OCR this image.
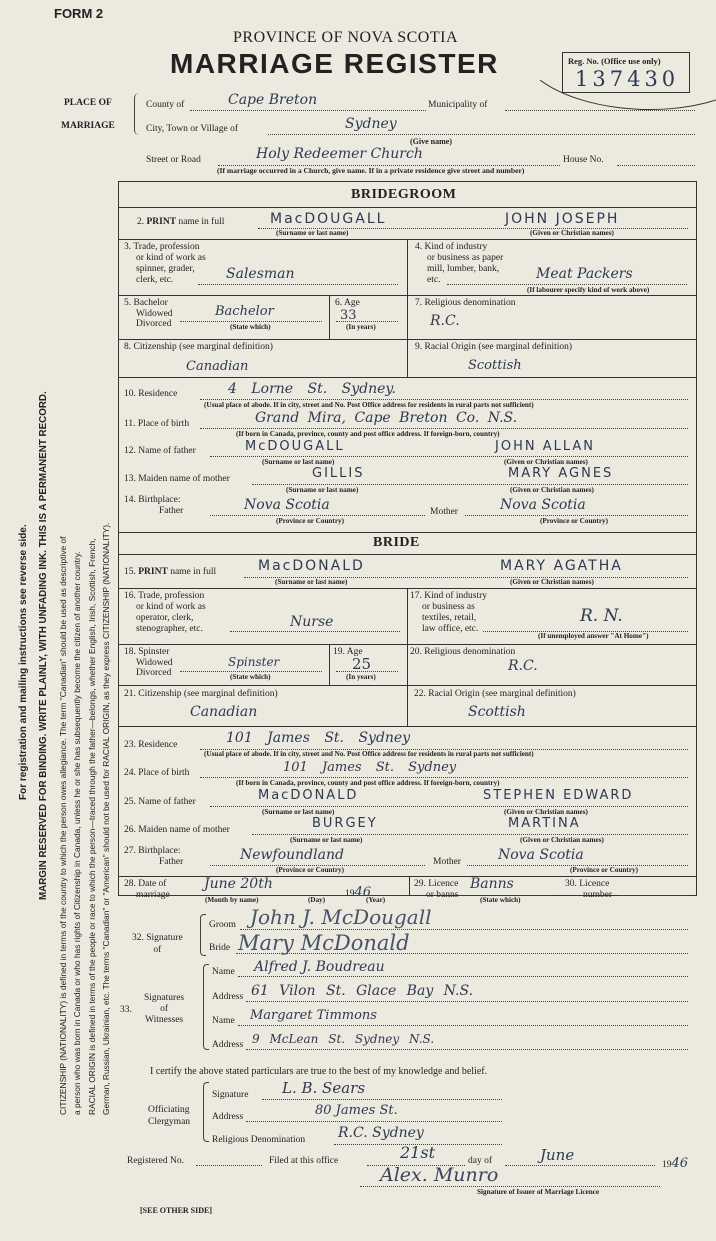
FORM 2
PROVINCE OF NOVA SCOTIA
MARRIAGE REGISTER	Reg. No. (Office use only)
137430
For registration and mailing instructions see reverse side. MARGIN RESERVED FOR BINDING. WRITE PLAINLY, WITH UNFADING INK. THIS IS A PERMANENT RECORD. CITIZENSHIP (NATIONALITY) is defined in terms of the country to which the person owes allegiance. The term "Canadian" should be used as descriptive of a person who was born in Canada or who has rights of Citizenship in Canada, unless he or she has subsequently become the citizen of another country. RACIAL ORIGIN is defined in terms of the people or race to which the person—traced through the father—belongs, whether English, Irish, Scottish, French, German, Russian, Ukrainian, etc. The terms "Canadian" or "American" should not be used for RACIAL ORIGIN, as they express CITIZENSHIP (NATIONALITY).
PLACE OF
MARRIAGE
County of	Cape Breton	Municipality of
City, Town or Village of	Sydney
(Give name)
Street or Road	Holy Redeemer Church	House No.
(If marriage occurred in a Church, give name. If in a private residence give street and number)
BRIDEGROOM
2. PRINT name in full	MacDOUGALL	JOHN JOSEPH
(Surname or last name)	(Given or Christian names)
3. Trade, profession
or kind of work as
spinner, grader,
clerk, etc.	Salesman
4. Kind of industry
or business as paper
mill, lumber, bank,
etc.	Meat Packers
(If labourer specify kind of work above)
5. Bachelor
Widowed
Divorced
Bachelor
(State which)
6. Age
33
(In years)
7. Religious denomination
R.C.
8. Citizenship (see marginal definition)
Canadian
9. Racial Origin (see marginal definition)
Scottish
10. Residence	4 Lorne St. Sydney.
(Usual place of abode. If in city, street and No. Post Office address for residents in rural parts not sufficient)
11. Place of birth	Grand Mira, Cape Breton Co. N.S.
(If born in Canada, province, county and post office address. If foreign-born, country)
12. Name of father	McDOUGALL	JOHN ALLAN
(Surname or last name)	(Given or Christian names)
13. Maiden name of mother	GILLIS	MARY AGNES
(Surname or last name)	(Given or Christian names)
14. Birthplace:
Father	Nova Scotia	Mother	Nova Scotia
(Province or Country)	(Province or Country)
BRIDE
15. PRINT name in full	MacDONALD	MARY AGATHA
(Surname or last name)	(Given or Christian names)
16. Trade, profession
or kind of work as
operator, clerk,
stenographer, etc.	Nurse
17. Kind of industry
or business as
textiles, retail,
law office, etc.
R. N.
(If unemployed answer "At Home")
18. Spinster
Widowed
Divorced
Spinster
(State which)
19. Age
25
(In years)
20. Religious denomination
R.C.
21. Citizenship (see marginal definition)
Canadian
22. Racial Origin (see marginal definition)
Scottish
23. Residence	101 James St. Sydney
(Usual place of abode. If in city, street and No. Post Office address for residents in rural parts not sufficient)
24. Place of birth	101 James St. Sydney
(If born in Canada, province, county and post office address. If foreign-born, country)
25. Name of father	MacDONALD	STEPHEN EDWARD
(Surname or last name)	(Given or Christian names)
26. Maiden name of mother	BURGEY	MARTINA
(Surname or last name)	(Given or Christian names)
27. Birthplace:
Father	Newfoundland	Mother	Nova Scotia
(Province or Country)	(Province or Country)
28. Date of
marriage
June 20th
1946
(Month by name)	(Day)	(Year)
29. Licence
or banns
Banns
(State which)
30. Licence
number
32. Signature
of
Groom John J. McDougall
Bride Mary McDonald
33.
Signatures
of
Witnesses
Name Alfred J. Boudreau
Address 61 Vilon St. Glace Bay N.S.
Name Margaret Timmons
Address 9 McLean St. Sydney N.S.
I certify the above stated particulars are true to the best of my knowledge and belief.
Officiating
Clergyman
Signature L. B. Sears
Address	80 James St.
Religious Denomination R.C. Sydney
Registered No.	Filed at this office	21st	day of	June
1946
Alex. Munro
Signature of Issuer of Marriage Licence
[SEE OTHER SIDE]
